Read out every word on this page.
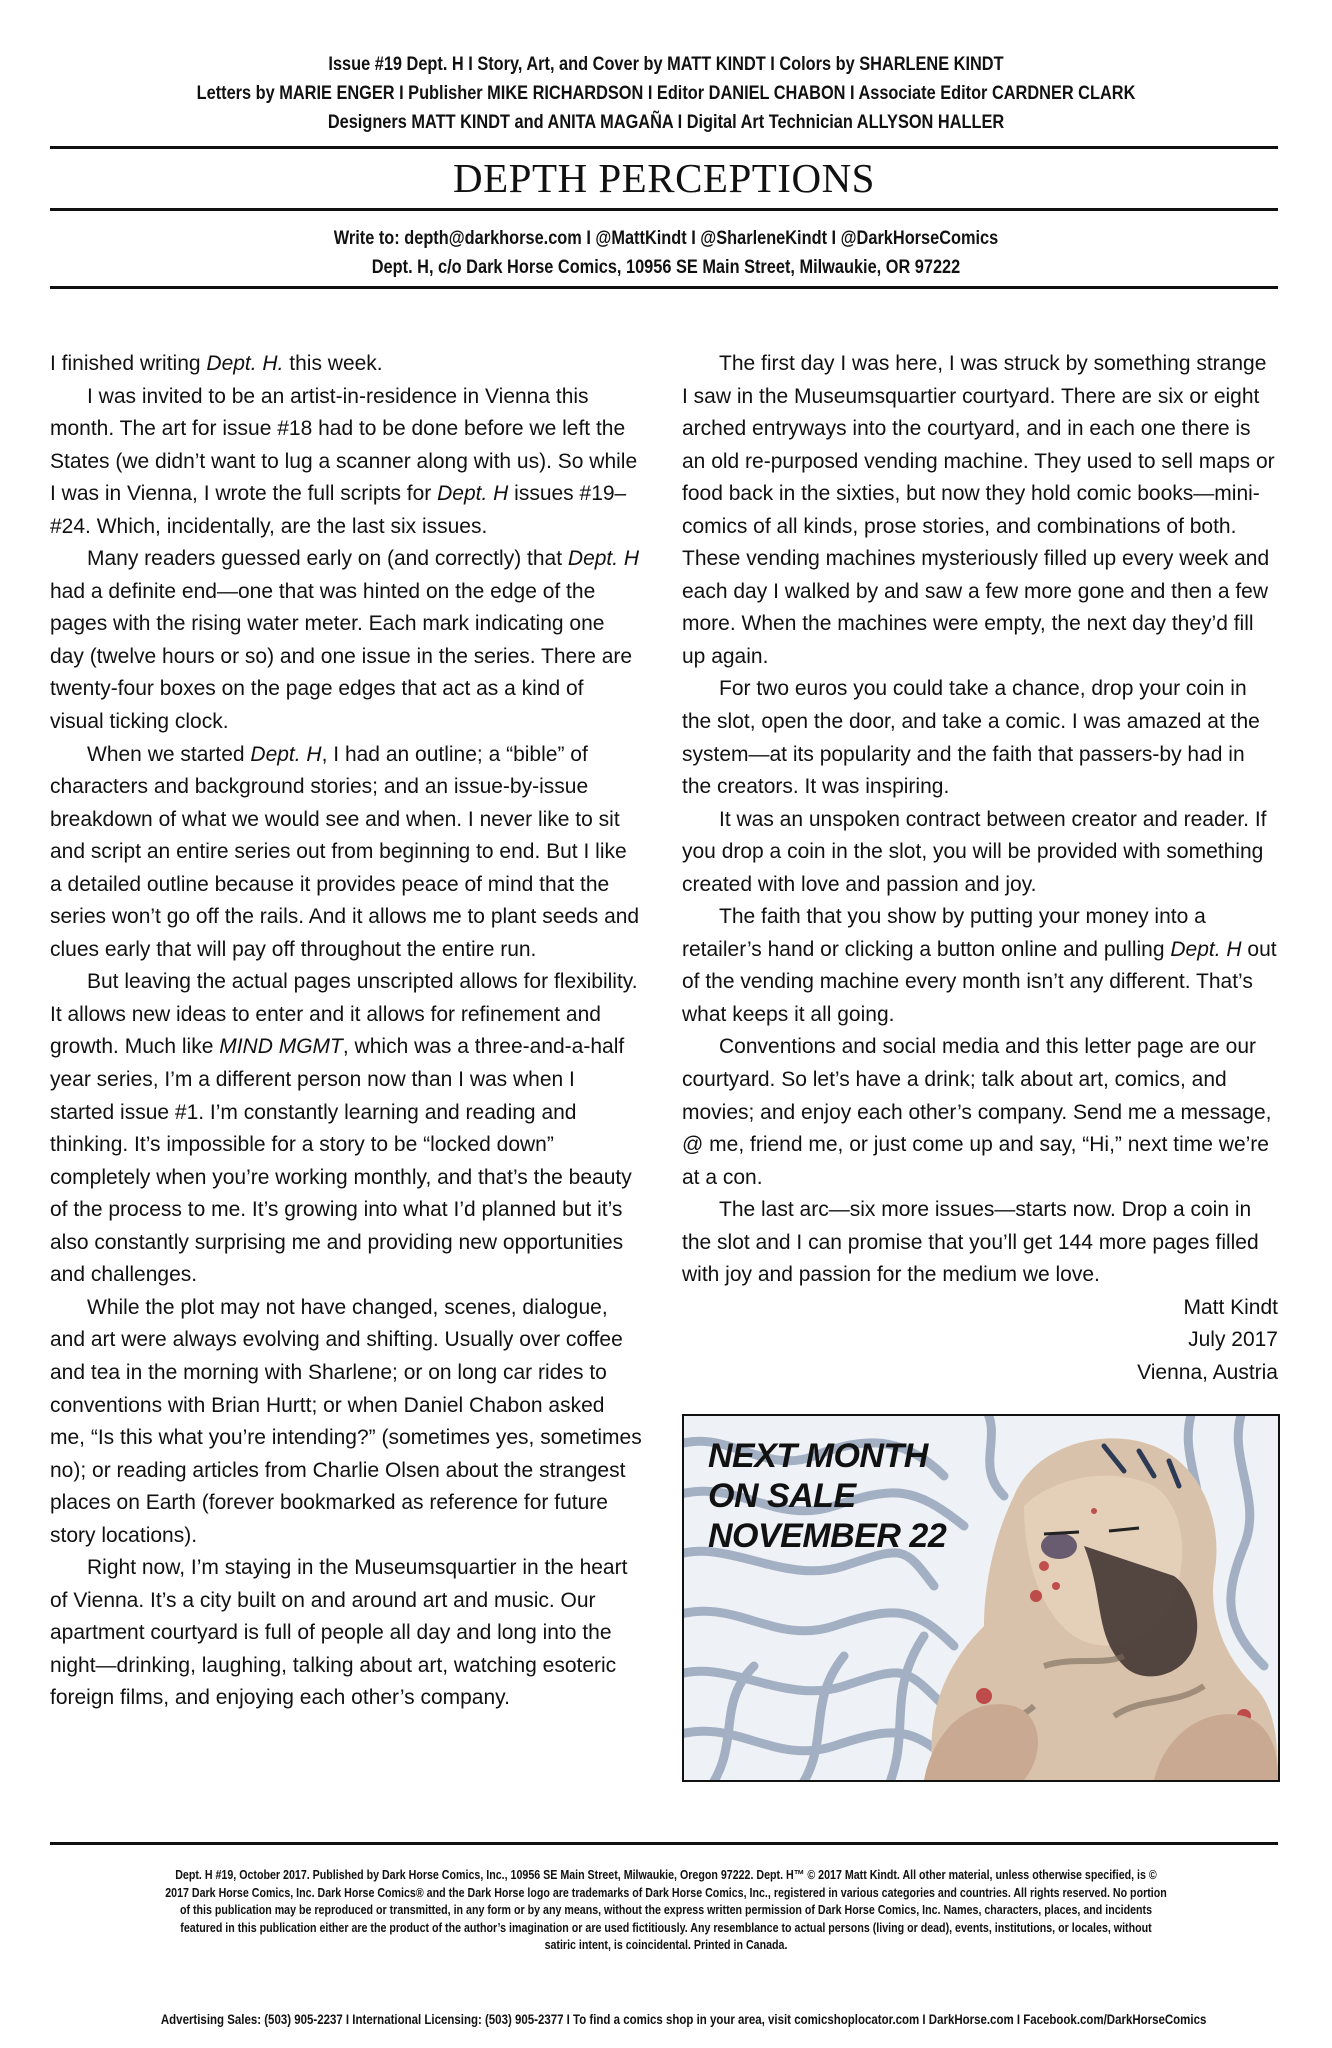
Issue #19 Dept. H I Story, Art, and Cover by MATT KINDT I Colors by SHARLENE KINDT
Letters by MARIE ENGER I Publisher MIKE RICHARDSON I Editor DANIEL CHABON I Associate Editor CARDNER CLARK
Designers MATT KINDT and ANITA MAGAÑA I Digital Art Technician ALLYSON HALLER
DEPTH PERCEPTIONS
Write to: depth@darkhorse.com I @MattKindt I @SharleneKindt I @DarkHorseComics
Dept. H, c/o Dark Horse Comics, 10956 SE Main Street, Milwaukie, OR 97222

I finished writing Dept. H. this week.

I was invited to be an artist-in-residence in Vienna this month. The art for issue #18 had to be done before we left the States (we didn’t want to lug a scanner along with us). So while I was in Vienna, I wrote the full scripts for Dept. H issues #19–#24. Which, incidentally, are the last six issues.

Many readers guessed early on (and correctly) that Dept. H had a definite end—one that was hinted on the edge of the pages with the rising water meter. Each mark indicating one day (twelve hours or so) and one issue in the series. There are twenty-four boxes on the page edges that act as a kind of visual ticking clock.

When we started Dept. H, I had an outline; a “bible” of characters and background stories; and an issue-by-issue breakdown of what we would see and when. I never like to sit and script an entire series out from beginning to end. But I like a detailed outline because it provides peace of mind that the series won’t go off the rails. And it allows me to plant seeds and clues early that will pay off throughout the entire run.

But leaving the actual pages unscripted allows for flexibility. It allows new ideas to enter and it allows for refinement and growth. Much like MIND MGMT, which was a three-and-a-half year series, I’m a different person now than I was when I started issue #1. I’m constantly learning and reading and thinking. It’s impossible for a story to be “locked down” completely when you’re working monthly, and that’s the beauty of the process to me. It’s growing into what I’d planned but it’s also constantly surprising me and providing new opportunities and challenges.

While the plot may not have changed, scenes, dialogue, and art were always evolving and shifting. Usually over coffee and tea in the morning with Sharlene; or on long car rides to conventions with Brian Hurtt; or when Daniel Chabon asked me, “Is this what you’re intending?” (sometimes yes, sometimes no); or reading articles from Charlie Olsen about the strangest places on Earth (forever bookmarked as reference for future story locations).

Right now, I’m staying in the Museumsquartier in the heart of Vienna. It’s a city built on and around art and music. Our apartment courtyard is full of people all day and long into the night—drinking, laughing, talking about art, watching esoteric foreign films, and enjoying each other’s company.

The first day I was here, I was struck by something strange I saw in the Museumsquartier courtyard. There are six or eight arched entryways into the courtyard, and in each one there is an old re-purposed vending machine. They used to sell maps or food back in the sixties, but now they hold comic books—mini-comics of all kinds, prose stories, and combinations of both. These vending machines mysteriously filled up every week and each day I walked by and saw a few more gone and then a few more. When the machines were empty, the next day they’d fill up again.

For two euros you could take a chance, drop your coin in the slot, open the door, and take a comic. I was amazed at the system—at its popularity and the faith that passers-by had in the creators. It was inspiring.

It was an unspoken contract between creator and reader. If you drop a coin in the slot, you will be provided with something created with love and passion and joy.

The faith that you show by putting your money into a retailer’s hand or clicking a button online and pulling Dept. H out of the vending machine every month isn’t any different. That’s what keeps it all going.

Conventions and social media and this letter page are our courtyard. So let’s have a drink; talk about art, comics, and movies; and enjoy each other’s company. Send me a message, @ me, friend me, or just come up and say, “Hi,” next time we’re at a con.

The last arc—six more issues—starts now. Drop a coin in the slot and I can promise that you’ll get 144 more pages filled with joy and passion for the medium we love.

Matt Kindt
July 2017
Vienna, Austria
NEXT MONTH
ON SALE
NOVEMBER 22
Dept. H #19, October 2017. Published by Dark Horse Comics, Inc., 10956 SE Main Street, Milwaukie, Oregon 97222. Dept. H™ © 2017 Matt Kindt. All other material, unless otherwise specified, is ©
2017 Dark Horse Comics, Inc. Dark Horse Comics® and the Dark Horse logo are trademarks of Dark Horse Comics, Inc., registered in various categories and countries. All rights reserved. No portion
of this publication may be reproduced or transmitted, in any form or by any means, without the express written permission of Dark Horse Comics, Inc. Names, characters, places, and incidents
featured in this publication either are the product of the author’s imagination or are used fictitiously. Any resemblance to actual persons (living or dead), events, institutions, or locales, without
satiric intent, is coincidental. Printed in Canada.
Advertising Sales: (503) 905-2237 I International Licensing: (503) 905-2377 I To find a comics shop in your area, visit comicshoplocator.com I DarkHorse.com I Facebook.com/DarkHorseComics
